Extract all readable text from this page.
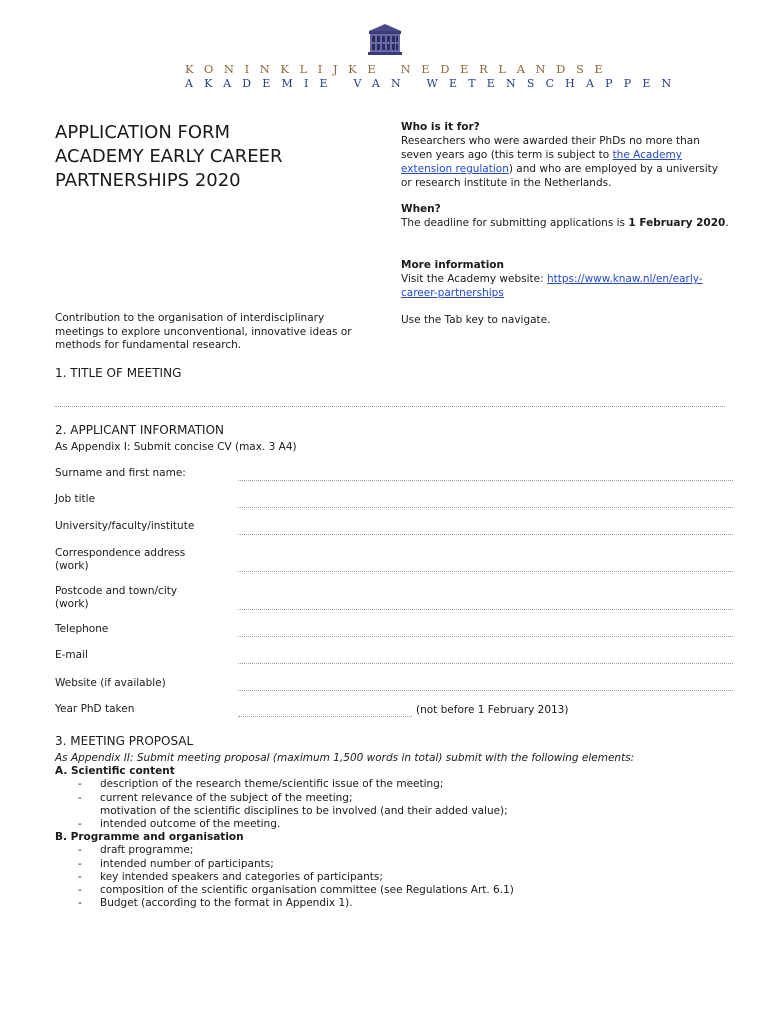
KONINKLIJKE NEDERLANDSE
AKADEMIE VAN WETENSCHAPPEN
APPLICATION FORM
ACADEMY EARLY CAREER
PARTNERSHIPS 2020
Who is it for?
Researchers who were awarded their PhDs no more than seven years ago (this term is subject to the Academy extension regulation) and who are employed by a university or research institute in the Netherlands.
When?
The deadline for submitting applications is 1 February 2020.
More information
Visit the Academy website: https://www.knaw.nl/en/early-career-partnerships
Contribution to the organisation of interdisciplinary meetings to explore unconventional, innovative ideas or methods for fundamental research.
Use the Tab key to navigate.
1. TITLE OF MEETING
2. APPLICANT INFORMATION
As Appendix I: Submit concise CV (max. 3 A4)
Surname and first name:
Job title
University/faculty/institute
Correspondence address (work)
Postcode and town/city (work)
Telephone
E-mail
Website (if available)
Year PhD taken	(not before 1 February 2013)
3. MEETING PROPOSAL
As Appendix II: Submit meeting proposal (maximum 1,500 words in total) submit with the following elements:
A. Scientific content
-	description of the research theme/scientific issue of the meeting;
-	current relevance of the subject of the meeting;
motivation of the scientific disciplines to be involved (and their added value);
-	intended outcome of the meeting.
B. Programme and organisation
-	draft programme;
-	intended number of participants;
-	key intended speakers and categories of participants;
-	composition of the scientific organisation committee (see Regulations Art. 6.1)
-	Budget (according to the format in Appendix 1).
